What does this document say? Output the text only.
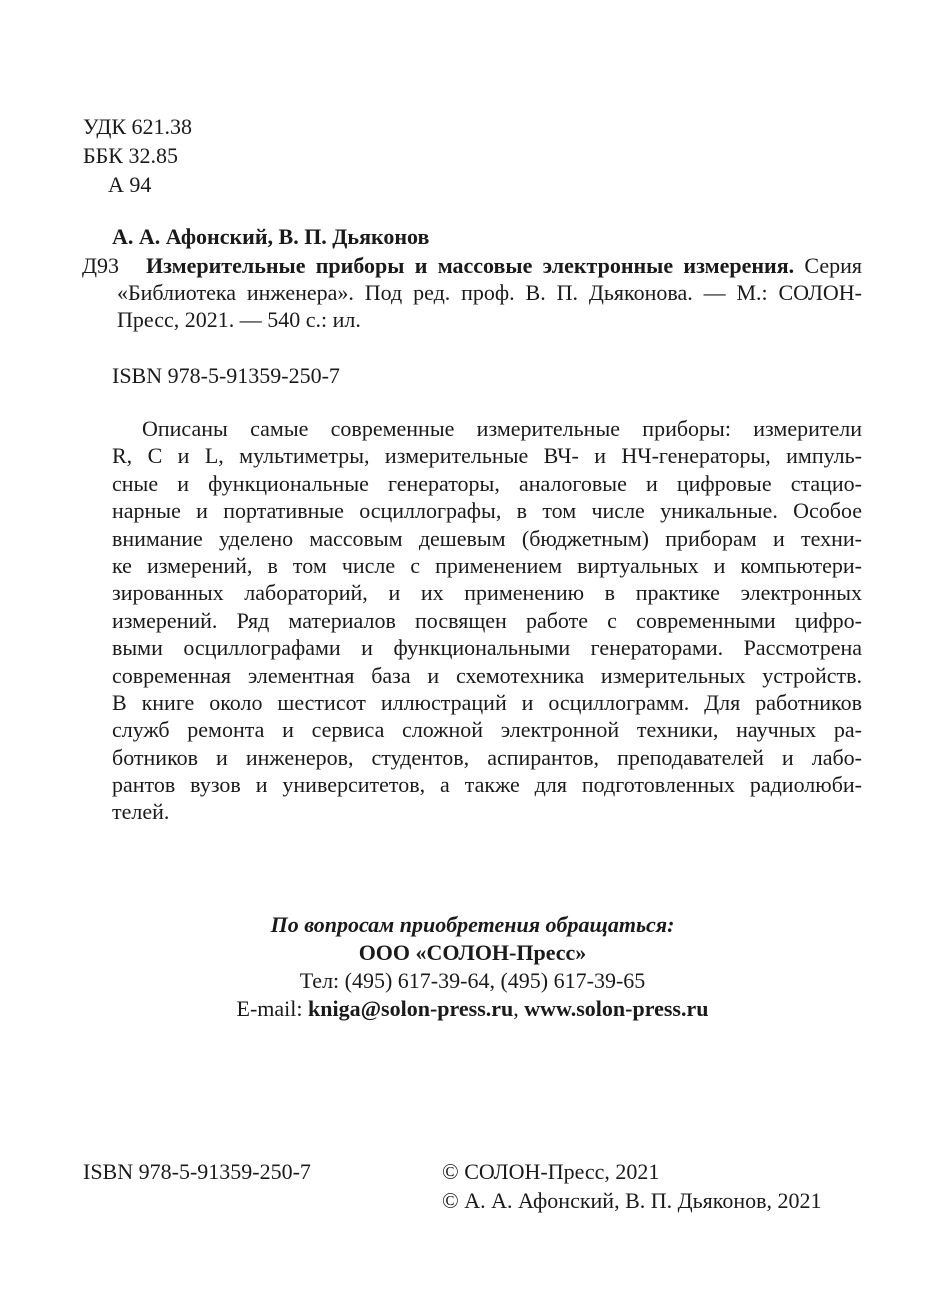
УДК 621.38
ББК 32.85
А 94
А. А. Афонский, В. П. Дьяконов
Д93 Измерительные приборы и массовые электронные измерения. Серия
«Библиотека инженера». Под ред. проф. В. П. Дьяконова. — М.: СОЛОН-
Пресс, 2021. — 540 с.: ил.
ISBN 978-5-91359-250-7
Описаны самые современные измерительные приборы: измерители
R, C и L, мультиметры, измерительные ВЧ- и НЧ-генераторы, импуль-
сные и функциональные генераторы, аналоговые и цифровые стацио-
нарные и портативные осциллографы, в том числе уникальные. Особое
внимание уделено массовым дешевым (бюджетным) приборам и техни-
ке измерений, в том числе с применением виртуальных и компьютери-
зированных лабораторий, и их применению в практике электронных
измерений. Ряд материалов посвящен работе с современными цифро-
выми осциллографами и функциональными генераторами. Рассмотрена
современная элементная база и схемотехника измерительных устройств.
В книге около шестисот иллюстраций и осциллограмм. Для работников
служб ремонта и сервиса сложной электронной техники, научных ра-
ботников и инженеров, студентов, аспирантов, преподавателей и лабо-
рантов вузов и университетов, а также для подготовленных радиолюби-
телей.
По вопросам приобретения обращаться:
ООО «СОЛОН-Пресс»
Тел: (495) 617-39-64, (495) 617-39-65
E-mail: kniga@solon-press.ru, www.solon-press.ru
ISBN 978-5-91359-250-7	© СОЛОН-Пресс, 2021
© А. А. Афонский, В. П. Дьяконов, 2021
